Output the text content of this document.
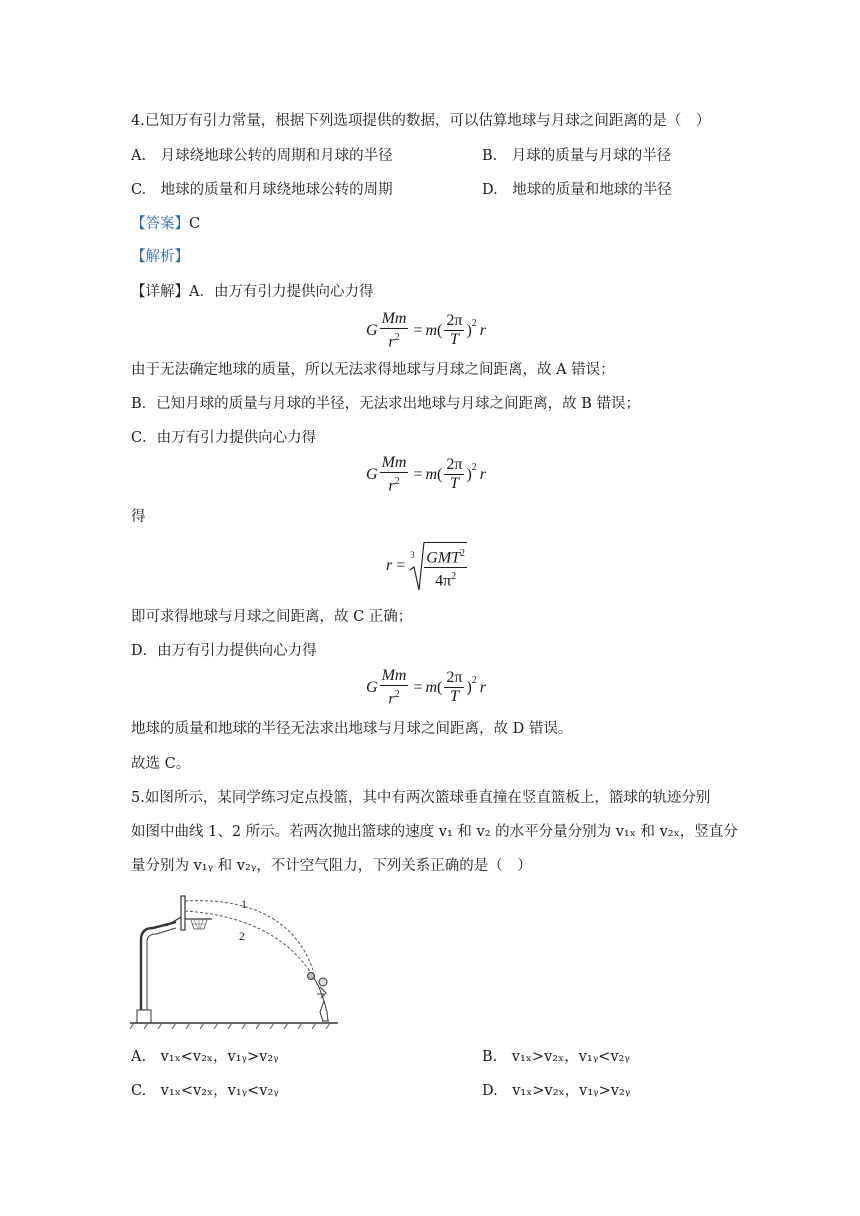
4.已知万有引力常量，根据下列选项提供的数据，可以估算地球与月球之间距离的是（　）
A.　月球绕地球公转的周期和月球的半径	B.　月球的质量与月球的半径
C.　地球的质量和月球绕地球公转的周期	D.　地球的质量和地球的半径
【答案】C
【解析】
【详解】A．由万有引力提供向心力得
G $\frac{Mm}{r^2} = m$ ( $\frac{2\pi}{T} )^2$ r
由于无法确定地球的质量，所以无法求得地球与月球之间距离，故 A 错误；
B．已知月球的质量与月球的半径，无法求出地球与月球之间距离，故 B 错误；
C．由万有引力提供向心力得
G $\frac{Mm}{r^2} = m$ ( $\frac{2\pi}{T} )^2$ r
得
r =
$3 \frac{GMT^2}{4\pi^2}$
即可求得地球与月球之间距离，故 C 正确；
D．由万有引力提供向心力得
G $\frac{Mm}{r^2} = m$ ( $\frac{2\pi}{T} )^2$ r
地球的质量和地球的半径无法求出地球与月球之间距离，故 D 错误。
故选 C。
5.如图所示，某同学练习定点投篮，其中有两次篮球垂直撞在竖直篮板上，篮球的轨迹分别
如图中曲线 1、2 所示。若两次抛出篮球的速度 v₁ 和 v₂ 的水平分量分别为 v₁ₓ 和 v₂ₓ，竖直分
量分别为 v₁ᵧ 和 v₂ᵧ，不计空气阻力，下列关系正确的是（　）
1
2
A.　v₁ₓ<v₂ₓ，v₁ᵧ>v₂ᵧ	B.　v₁ₓ>v₂ₓ，v₁ᵧ<v₂ᵧ
C.　v₁ₓ<v₂ₓ，v₁ᵧ<v₂ᵧ	D.　v₁ₓ>v₂ₓ，v₁ᵧ>v₂ᵧ
